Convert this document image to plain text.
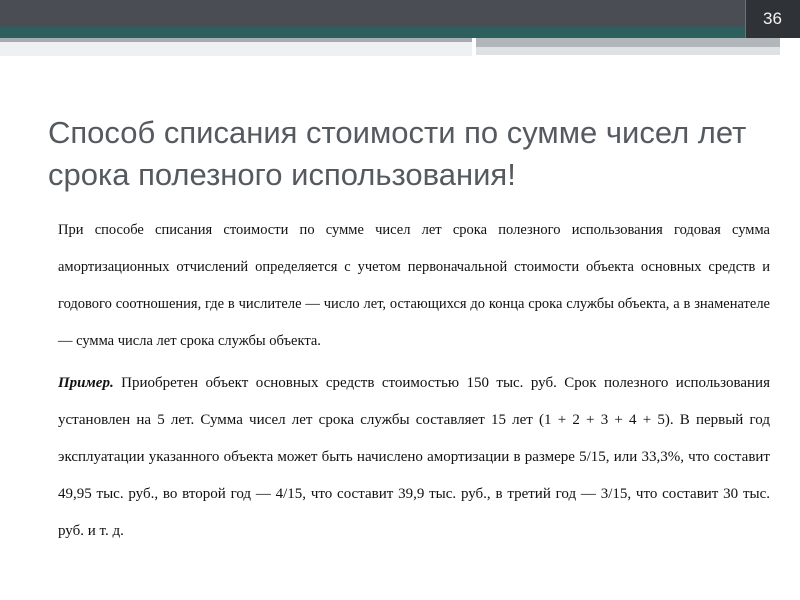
36
Способ списания стоимости по сумме чисел лет срока полезного использования!

При способе списания стоимости по сумме чисел лет срока полезного использования годовая сумма амортизационных отчислений определяется с учетом первоначальной стоимости объекта основных средств и годового соотношения, где в числителе — число лет, остающихся до конца срока службы объекта, а в знаменателе — сумма числа лет срока службы объекта.

Пример. Приобретен объект основных средств стоимостью 150 тыс. руб. Срок полезного использования установлен на 5 лет. Сумма чисел лет срока службы составляет 15 лет (1 + 2 + 3 + 4 + 5). В первый год эксплуатации указанного объекта может быть начислено амортизации в размере 5/15, или 33,3%, что составит 49,95 тыс. руб., во второй год — 4/15, что составит 39,9 тыс. руб., в третий год — 3/15, что составит 30 тыс. руб. и т. д.
